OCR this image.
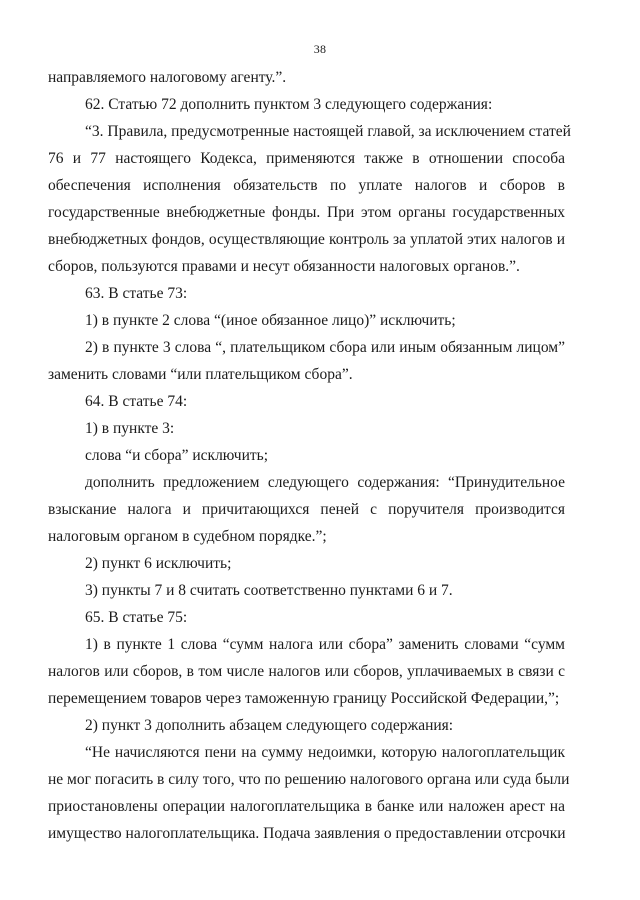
38
направляемого налоговому агенту.”.
62. Статью 72 дополнить пунктом 3 следующего содержания:
“3. Правила, предусмотренные настоящей главой, за исключением статей
76 и 77 настоящего Кодекса, применяются также в отношении способа
обеспечения исполнения обязательств по уплате налогов и сборов в
государственные внебюджетные фонды. При этом органы государственных
внебюджетных фондов, осуществляющие контроль за уплатой этих налогов и
сборов, пользуются правами и несут обязанности налоговых органов.”.
63. В статье 73:
1) в пункте 2 слова “(иное обязанное лицо)” исключить;
2) в пункте 3 слова “, плательщиком сбора или иным обязанным лицом”
заменить словами “или плательщиком сбора”.
64. В статье 74:
1) в пункте 3:
слова “и сбора” исключить;
дополнить предложением следующего содержания: “Принудительное
взыскание налога и причитающихся пеней с поручителя производится
налоговым органом в судебном порядке.”;
2) пункт 6 исключить;
3) пункты 7 и 8 считать соответственно пунктами 6 и 7.
65. В статье 75:
1) в пункте 1 слова “сумм налога или сбора” заменить словами “сумм
налогов или сборов, в том числе налогов или сборов, уплачиваемых в связи с
перемещением товаров через таможенную границу Российской Федерации,”;
2) пункт 3 дополнить абзацем следующего содержания:
“Не начисляются пени на сумму недоимки, которую налогоплательщик
не мог погасить в силу того, что по решению налогового органа или суда были
приостановлены операции налогоплательщика в банке или наложен арест на
имущество налогоплательщика. Подача заявления о предоставлении отсрочки
